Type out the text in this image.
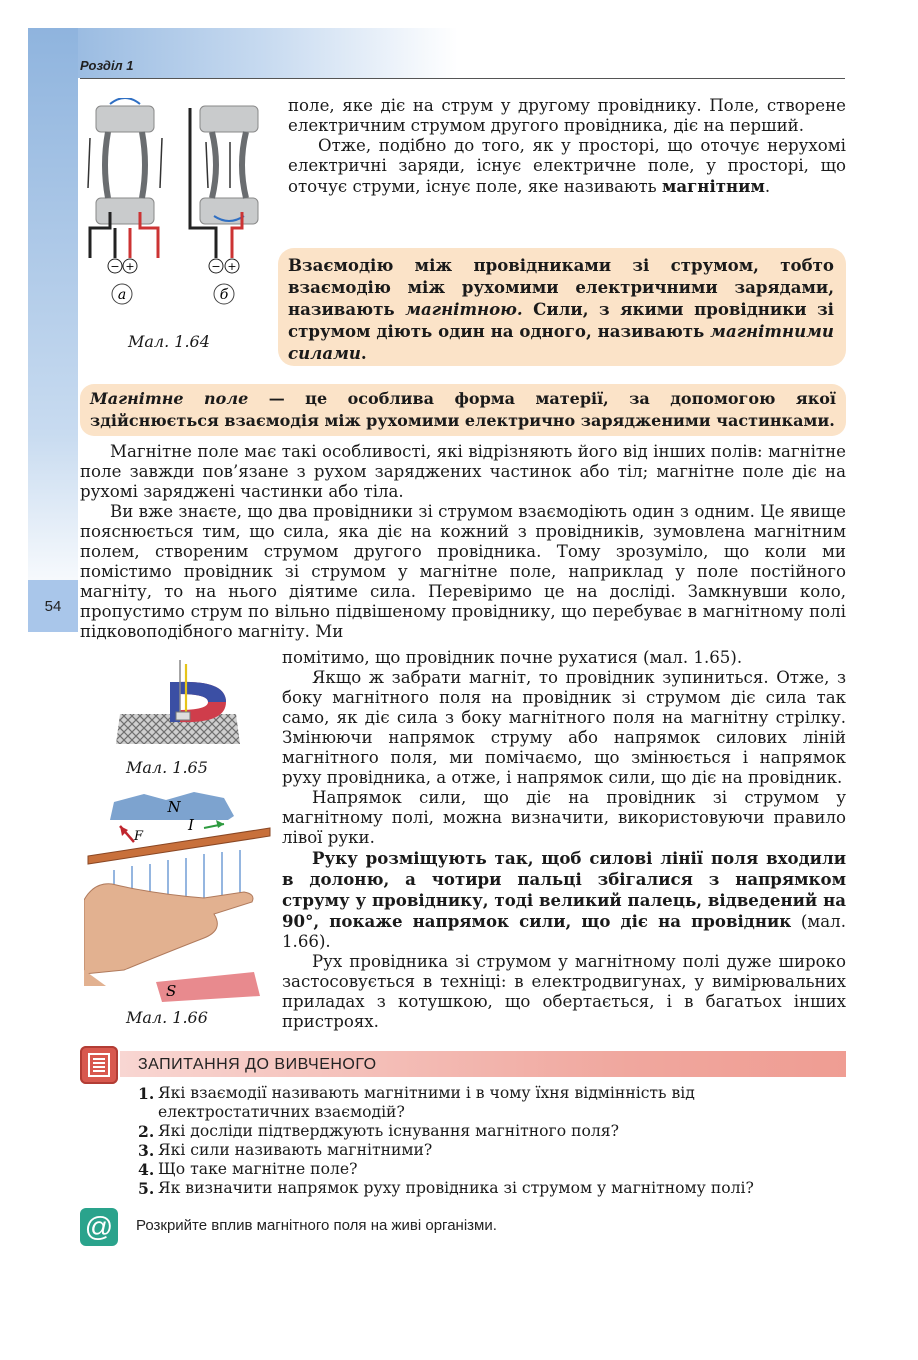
Розділ 1
54
− +	− +
а	б
Мал. 1.64

поле, яке діє на струм у другому провіднику. Поле, створене електричним струмом другого провідника, діє на перший.

Отже, подібно до того, як у просторі, що оточує нерухомі електричні заряди, існує електричне поле, у просторі, що оточує струми, існує поле, яке називають магнітним.

Взаємодію між провідниками зі струмом, тобто взаємодію між рухомими електричними зарядами, називають магнітною. Сили, з якими провідники зі струмом діють один на одного, називають магнітними силами.
Магнітне поле — це особлива форма матерії, за допомогою якої здійснюється взаємодія між рухомими електрично зарядженими частинками.

Магнітне поле має такі особливості, які відрізняють його від інших полів: магнітне поле завжди пов’язане з рухом заряджених частинок або тіл; магнітне поле діє на рухомі заряджені частинки або тіла.

Ви вже знаєте, що два провідники зі струмом взаємодіють один з одним. Це явище пояснюється тим, що сила, яка діє на кожний з провідників, зумовлена магнітним полем, створеним струмом другого провідника. Тому зрозуміло, що коли ми помістимо провідник зі струмом у магнітне поле, наприклад у поле постійного магніту, то на нього діятиме сила. Перевіримо це на досліді. Замкнувши коло, пропустимо струм по вільно підвішеному провіднику, що перебуває в магнітному полі підковоподібного магніту. Ми

помітимо, що провідник почне рухатися (мал. 1.65).

Якщо ж забрати магніт, то провідник зупиниться. Отже, з боку магнітного поля на провідник зі струмом діє сила так само, як діє сила з боку магнітного поля на магнітну стрілку. Змінюючи напрямок струму або напрямок силових ліній магнітного поля, ми помічаємо, що змінюється і напрямок руху провідника, а отже, і напрямок сили, що діє на провідник.

Напрямок сили, що діє на провідник зі струмом у магнітному полі, можна визначити, використовуючи правило лівої руки.

Руку розміщують так, щоб силові лінії поля входили в долоню, а чотири пальці збігалися з напрямком струму у провіднику, тоді великий палець, відведений на 90°, покаже напрямок сили, що діє на провідник (мал. 1.66).

Рух провідника зі струмом у магнітному полі дуже широко застосовується в техніці: в електродвигунах, у вимірювальних приладах з котушкою, що обертається, і в багатьох інших пристроях.

Мал. 1.65
N
F
I
S
Мал. 1.66
ЗАПИТАННЯ ДО ВИВЧЕНОГО
1. Які взаємодії називають магнітними і в чому їхня відмінність від електростатичних взаємодій?
2. Які досліди підтверджують існування магнітного поля?
3. Які сили називають магнітними?
4. Що таке магнітне поле?
5. Як визначити напрямок руху провідника зі струмом у магнітному полі?
@	Розкрийте вплив магнітного поля на живі організми.
